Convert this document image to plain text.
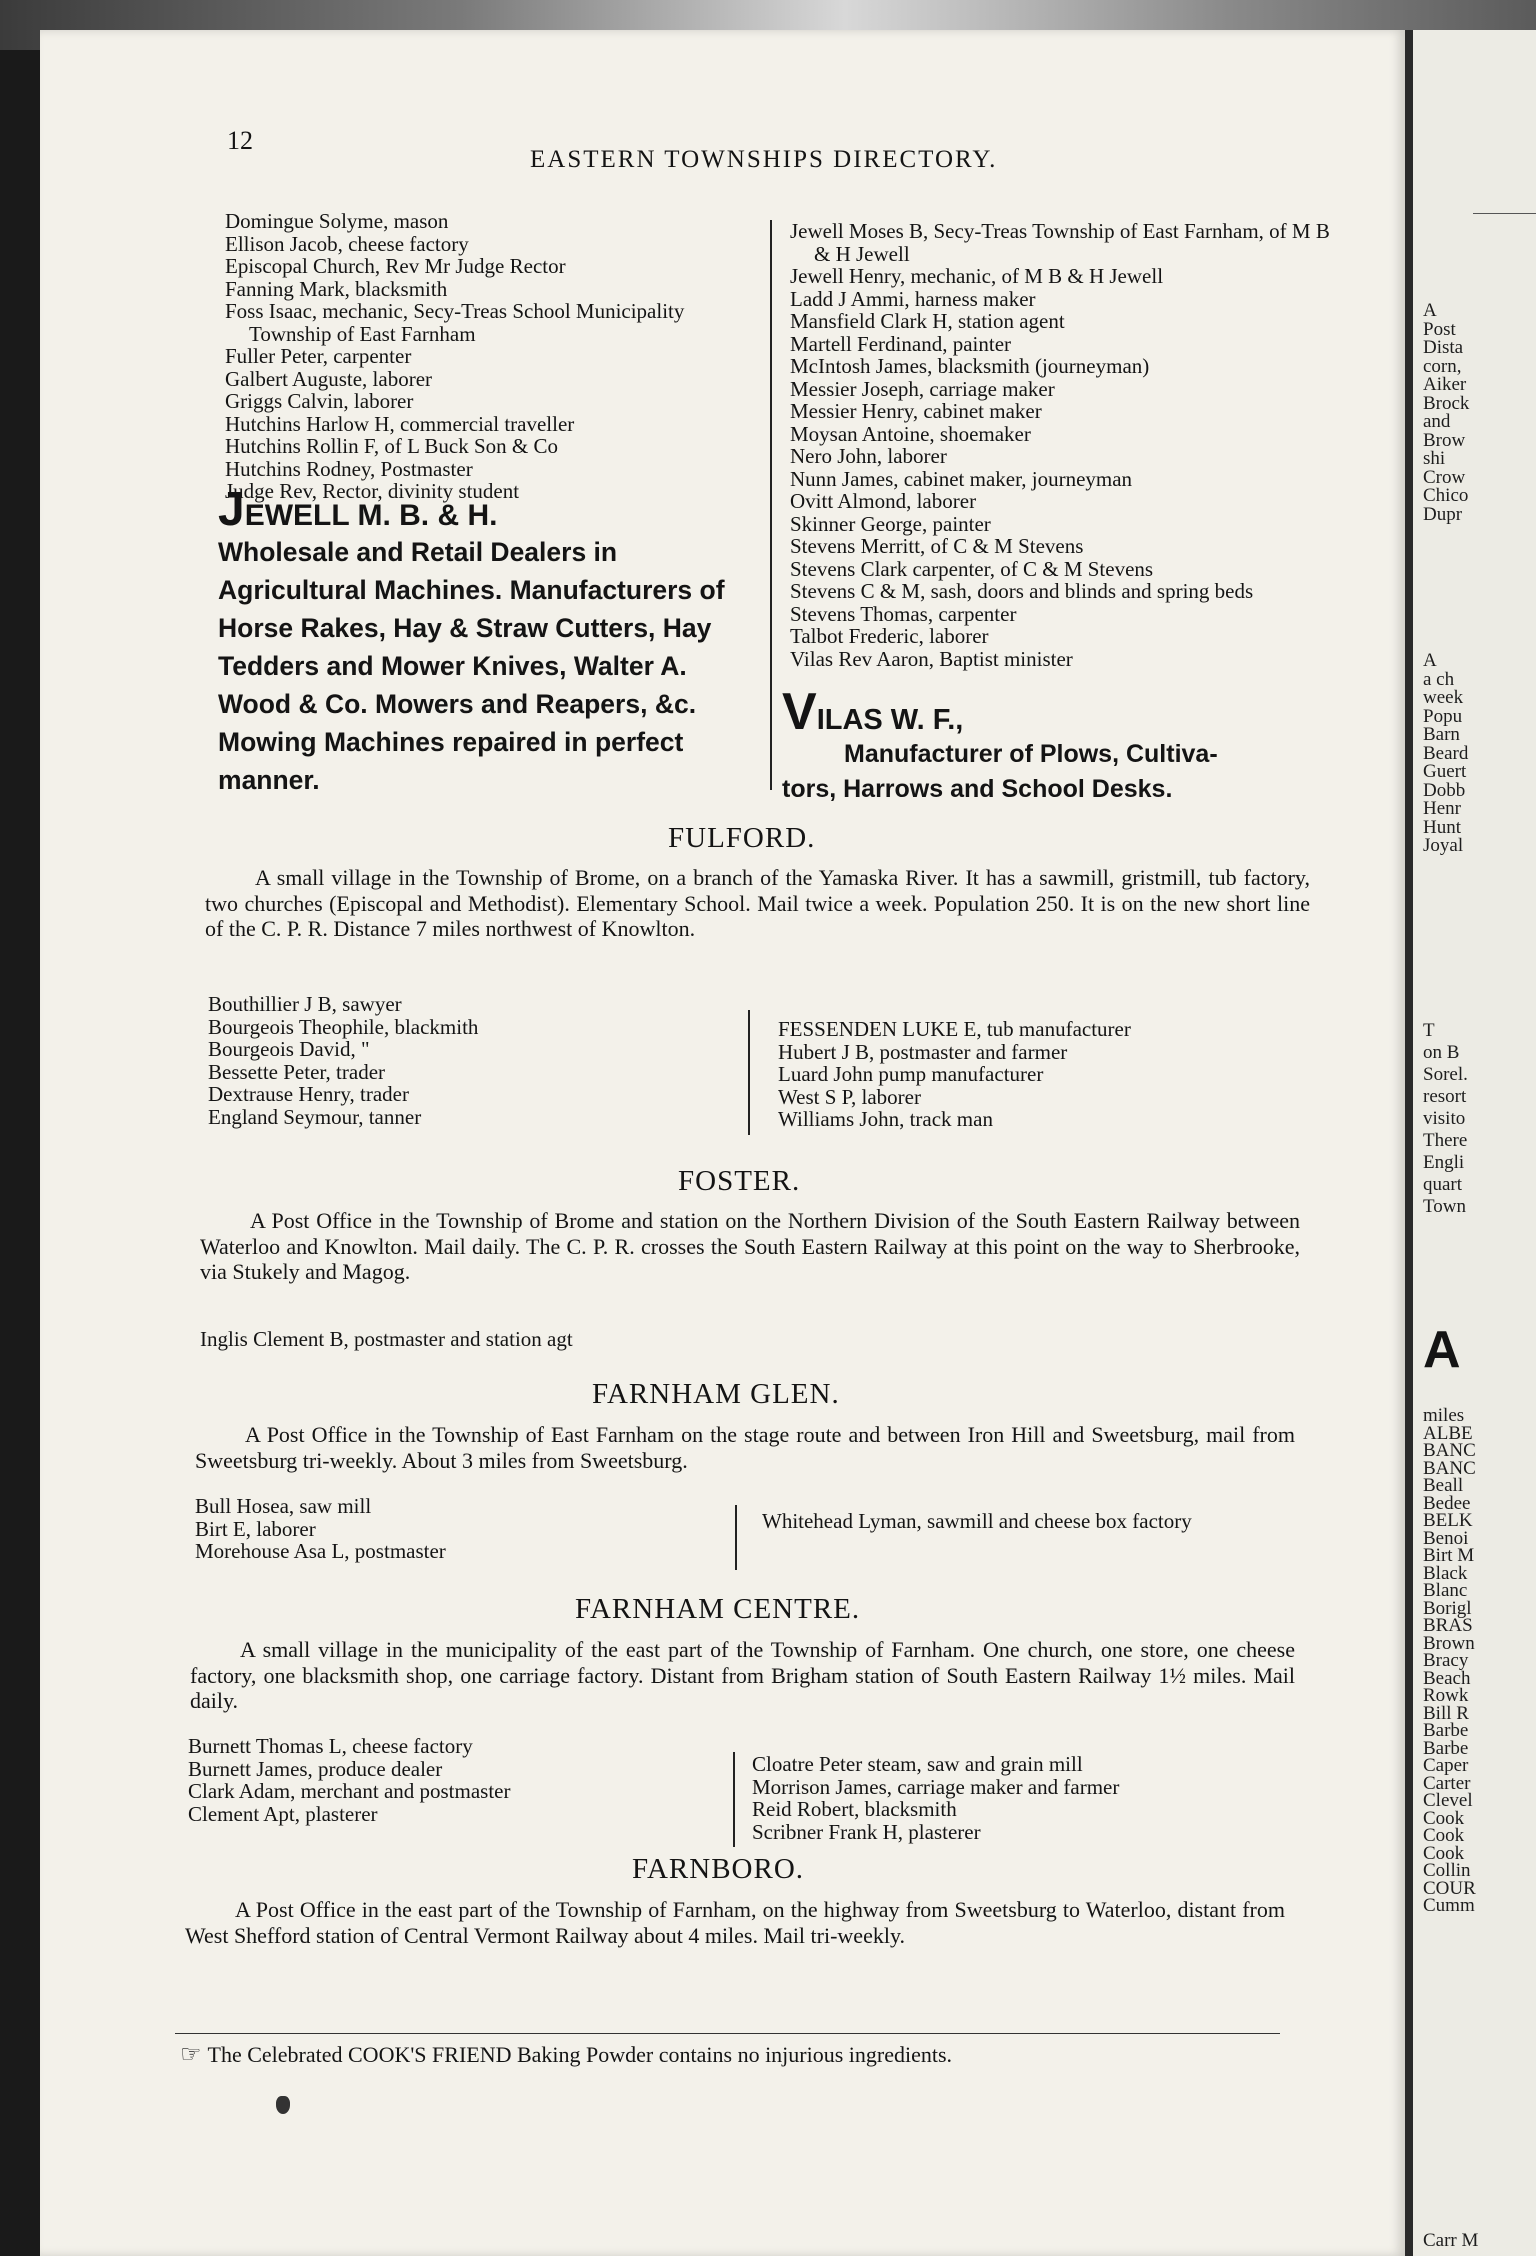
A
Post
Dista
corn,
Aiker
Brock
and
Brow
shi
Crow
Chico
Dupr
A
a ch
week
Popu
Barn
Beard
Guert
Dobb
Henr
Hunt
Joyal
T
on B
Sorel.
resort
visito
There
Engli
quart
Town
miles
ALBE
BANC
BANC
Beall
Bedee
BELK
Benoi
Birt M
Black
Blanc
Borigl
BRAS
Brown
Bracy
Beach
Rowk
Bill R
Barbe
Barbe
Caper
Carter
Clevel
Cook
Cook
Cook
Collin
COUR
Cumm
Carr M
A
12
EASTERN TOWNSHIPS DIRECTORY.
Domingue Solyme, mason
Ellison Jacob, cheese factory
Episcopal Church, Rev Mr Judge Rector
Fanning Mark, blacksmith
Foss Isaac, mechanic, Secy-Treas School Municipality Township of East Farnham
Fuller Peter, carpenter
Galbert Auguste, laborer
Griggs Calvin, laborer
Hutchins Harlow H, commercial traveller
Hutchins Rollin F, of L Buck Son & Co
Hutchins Rodney, Postmaster
Judge Rev, Rector, divinity student
Jewell Moses B, Secy-Treas Township of East Farnham, of M B & H Jewell
Jewell Henry, mechanic, of M B & H Jewell
Ladd J Ammi, harness maker
Mansfield Clark H, station agent
Martell Ferdinand, painter
McIntosh James, blacksmith (journeyman)
Messier Joseph, carriage maker
Messier Henry, cabinet maker
Moysan Antoine, shoemaker
Nero John, laborer
Nunn James, cabinet maker, journeyman
Ovitt Almond, laborer
Skinner George, painter
Stevens Merritt, of C & M Stevens
Stevens Clark carpenter, of C & M Stevens
Stevens C & M, sash, doors and blinds and spring beds
Stevens Thomas, carpenter
Talbot Frederic, laborer
Vilas Rev Aaron, Baptist minister
JEWELL M. B. & H.
Wholesale and Retail Dealers in Agricultural Machines. Manufacturers of Horse Rakes, Hay & Straw Cutters, Hay Tedders and Mower Knives, Walter A. Wood & Co. Mowers and Reapers, &c. Mowing Machines repaired in perfect manner.
VILAS W. F.,
Manufacturer of Plows, Cultiva-
tors, Harrows and School Desks.
FULFORD.
A small village in the Township of Brome, on a branch of the Yamaska River. It has a sawmill, gristmill, tub factory, two churches (Episcopal and Methodist). Elementary School. Mail twice a week. Population 250. It is on the new short line of the C. P. R. Distance 7 miles northwest of Knowlton.
Bouthillier J B, sawyer
Bourgeois Theophile, blackmith
Bourgeois David, "
Bessette Peter, trader
Dextrause Henry, trader
England Seymour, tanner
FESSENDEN LUKE E, tub manufacturer
Hubert J B, postmaster and farmer
Luard John pump manufacturer
West S P, laborer
Williams John, track man
FOSTER.
A Post Office in the Township of Brome and station on the Northern Division of the South Eastern Railway between Waterloo and Knowlton. Mail daily. The C. P. R. crosses the South Eastern Railway at this point on the way to Sherbrooke, via Stukely and Magog.
Inglis Clement B, postmaster and station agt
FARNHAM GLEN.
A Post Office in the Township of East Farnham on the stage route and between Iron Hill and Sweetsburg, mail from Sweetsburg tri-weekly. About 3 miles from Sweetsburg.
Bull Hosea, saw mill
Birt E, laborer
Morehouse Asa L, postmaster
Whitehead Lyman, sawmill and cheese box factory
FARNHAM CENTRE.
A small village in the municipality of the east part of the Township of Farnham. One church, one store, one cheese factory, one blacksmith shop, one carriage factory. Distant from Brigham station of South Eastern Railway 1½ miles. Mail daily.
Burnett Thomas L, cheese factory
Burnett James, produce dealer
Clark Adam, merchant and postmaster
Clement Apt, plasterer
Cloatre Peter steam, saw and grain mill
Morrison James, carriage maker and farmer
Reid Robert, blacksmith
Scribner Frank H, plasterer
FARNBORO.
A Post Office in the east part of the Township of Farnham, on the highway from Sweetsburg to Waterloo, distant from West Shefford station of Central Vermont Railway about 4 miles. Mail tri-weekly.
☞ The Celebrated COOK'S FRIEND Baking Powder contains no injurious ingredients.
